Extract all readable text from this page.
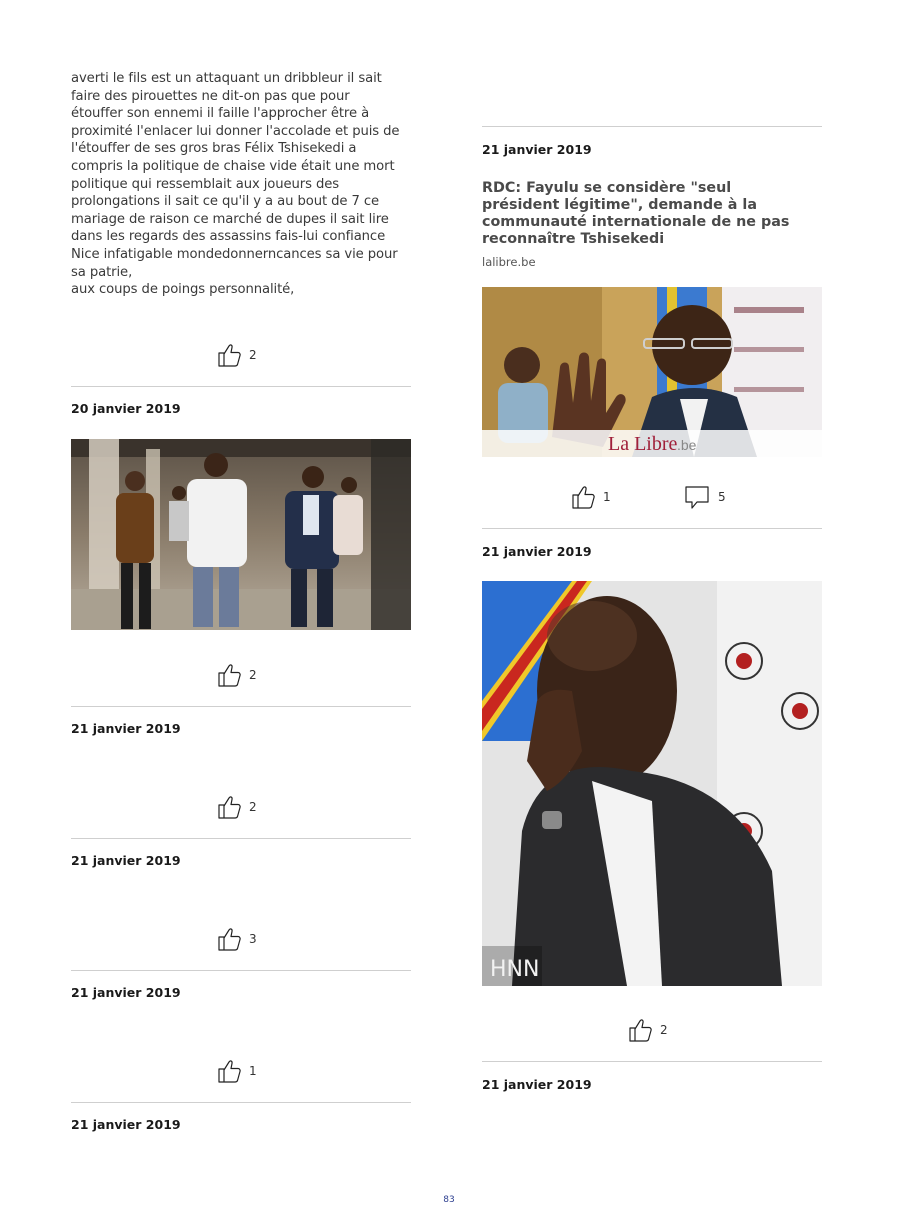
averti le fils est un attaquant un dribbleur il sait
faire des pirouettes ne dit-on pas que pour
étouffer son ennemi il faille l'approcher être à
proximité l'enlacer lui donner l'accolade et puis de
l'étouffer de ses gros bras Félix Tshisekedi a
compris la politique de chaise vide était une mort
politique qui ressemblait aux joueurs des
prolongations il sait ce qu'il y a au bout de 7 ce
mariage de raison ce marché de dupes il sait lire
dans les regards des assassins fais-lui confiance
Nice infatigable mondedonnerncances sa vie pour
sa patrie,
aux coups de poings personnalité,

2
20 janvier 2019
2
21 janvier 2019
2
21 janvier 2019
3
21 janvier 2019
1
21 janvier 2019
21 janvier 2019

RDC: Fayulu se considère "seul président légitime", demande à la communauté internationale de ne pas reconnaître Tshisekedi

lalibre.be
La Libre .be
1	5
21 janvier 2019
HNN
2
21 janvier 2019
83
